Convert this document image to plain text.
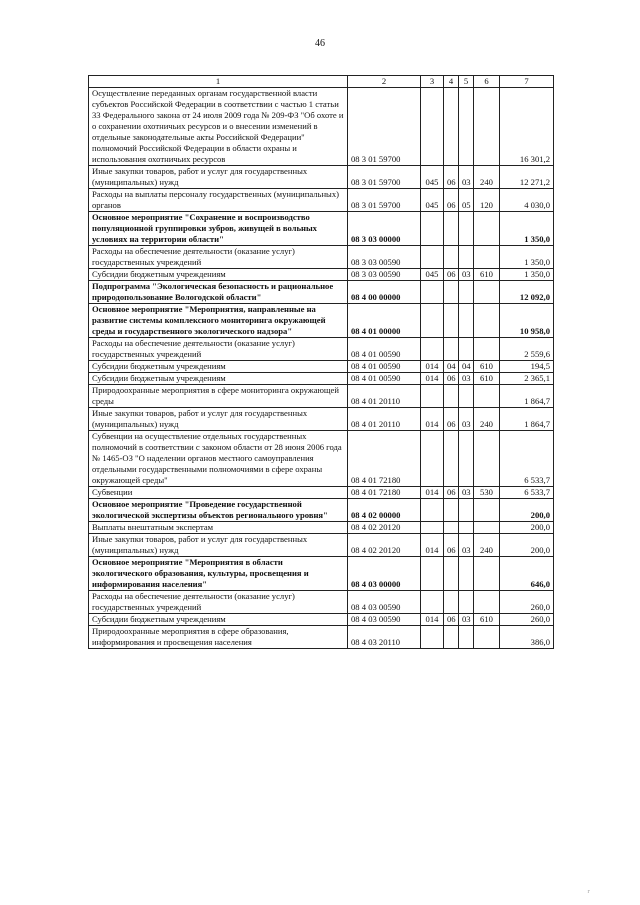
46
1	2	3	4	5	6	7
Осуществление переданных органам государственной власти субъектов Российской Федерации в соответствии с частью 1 статьи 33 Федерального закона от 24 июля 2009 года № 209-ФЗ "Об охоте и о сохранении охотничьих ресурсов и о внесении изменений в отдельные законодательные акты Российской Федерации" полномочий Российской Федерации в области охраны и использования охотничьих ресурсов	08 3 01 59700					16 301,2
Иные закупки товаров, работ и услуг для государственных (муниципальных) нужд	08 3 01 59700	045	06	03	240	12 271,2
Расходы на выплаты персоналу государственных (муниципальных) органов	08 3 01 59700	045	06	05	120	4 030,0
Основное мероприятие "Сохранение и воспроизводство популяционной группировки зубров, живущей в вольных условиях на территории области"	08 3 03 00000					1 350,0
Расходы на обеспечение деятельности (оказание услуг) государственных учреждений	08 3 03 00590					1 350,0
Субсидии бюджетным учреждениям	08 3 03 00590	045	06	03	610	1 350,0
Подпрограмма "Экологическая безопасность и рациональное природопользование Вологодской области"	08 4 00 00000					12 092,0
Основное мероприятие "Мероприятия, направленные на развитие системы комплексного мониторинга окружающей среды и государственного экологического надзора"	08 4 01 00000					10 958,0
Расходы на обеспечение деятельности (оказание услуг) государственных учреждений	08 4 01 00590					2 559,6
Субсидии бюджетным учреждениям	08 4 01 00590	014	04	04	610	194,5
Субсидии бюджетным учреждениям	08 4 01 00590	014	06	03	610	2 365,1
Природоохранные мероприятия в сфере мониторинга окружающей среды	08 4 01 20110					1 864,7
Иные закупки товаров, работ и услуг для государственных (муниципальных) нужд	08 4 01 20110	014	06	03	240	1 864,7
Субвенции на осуществление отдельных государственных полномочий в соответствии с законом области от 28 июня 2006 года № 1465-ОЗ "О наделении органов местного самоуправления отдельными государственными полномочиями в сфере охраны окружающей среды"	08 4 01 72180					6 533,7
Субвенции	08 4 01 72180	014	06	03	530	6 533,7
Основное мероприятие "Проведение государственной экологической экспертизы объектов регионального уровня"	08 4 02 00000					200,0
Выплаты внештатным экспертам	08 4 02 20120					200,0
Иные закупки товаров, работ и услуг для государственных (муниципальных) нужд	08 4 02 20120	014	06	03	240	200,0
Основное мероприятие "Мероприятия в области экологического образования, культуры, просвещения и информирования населения"	08 4 03 00000					646,0
Расходы на обеспечение деятельности (оказание услуг) государственных учреждений	08 4 03 00590					260,0
Субсидии бюджетным учреждениям	08 4 03 00590	014	06	03	610	260,0
Природоохранные мероприятия в сфере образования, информирования и просвещения населения	08 4 03 20110					386,0
г
